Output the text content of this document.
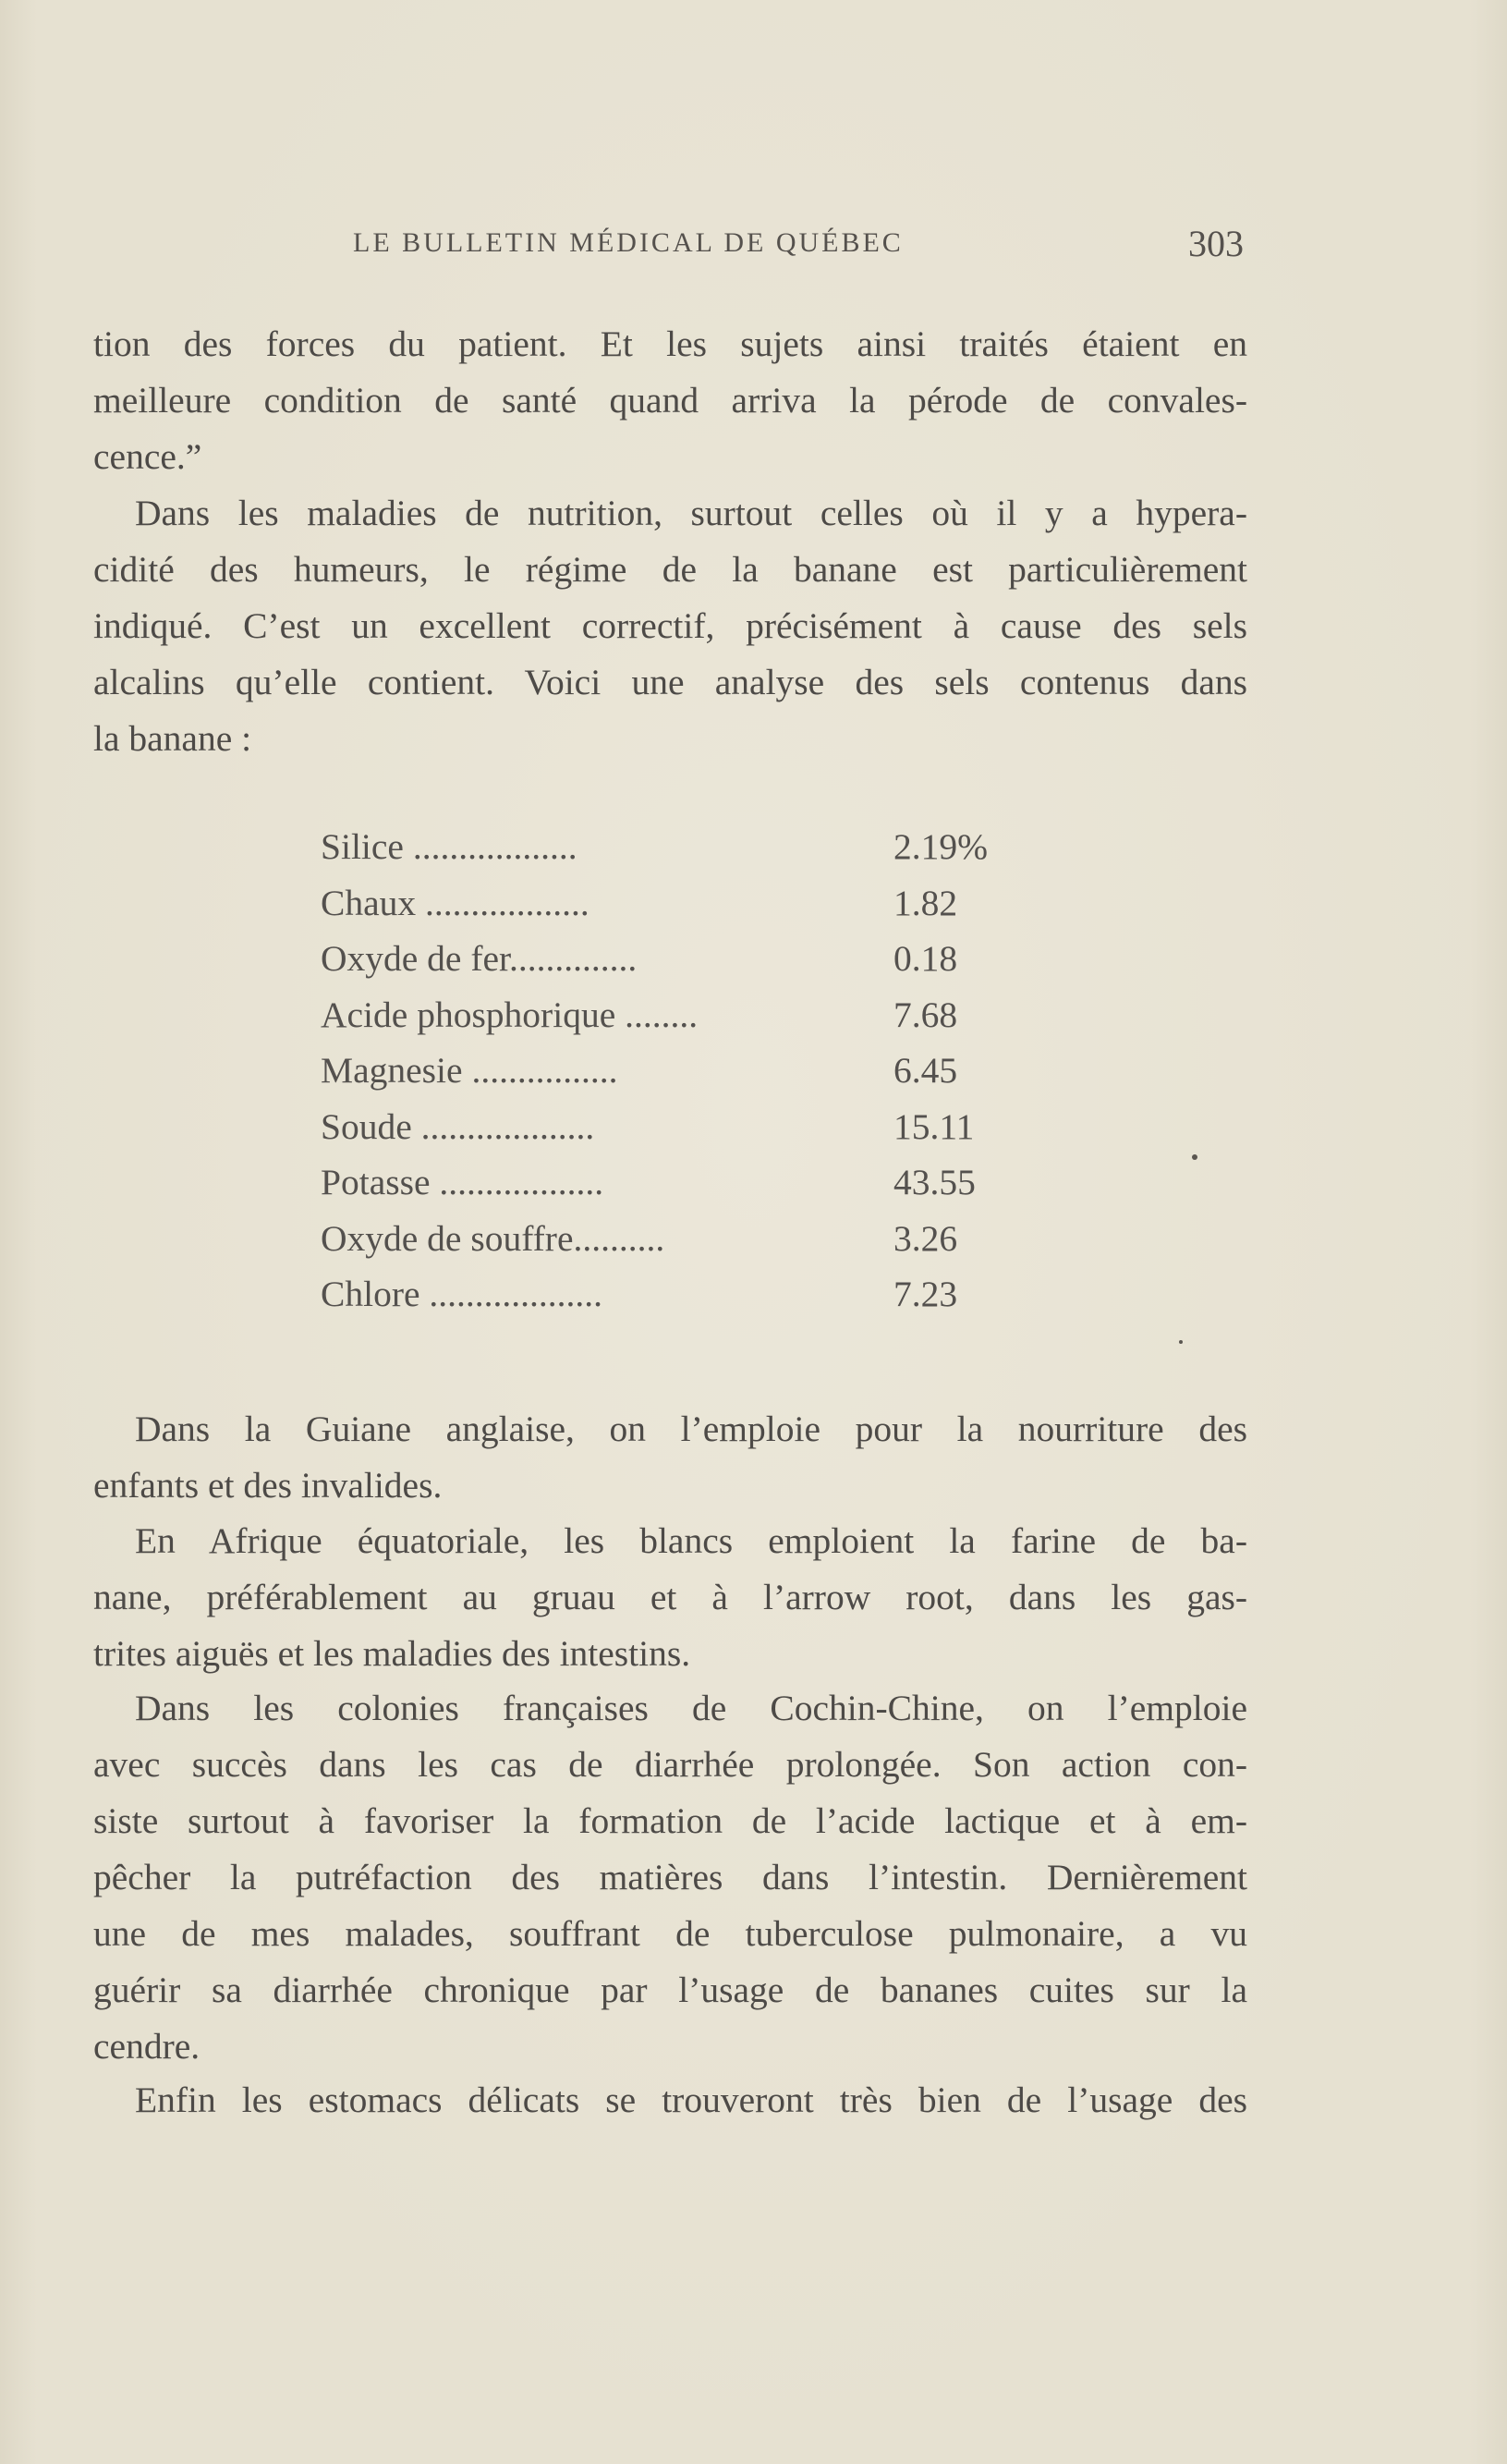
LE BULLETIN MÉDICAL DE QUÉBEC	303
tion des forces du patient. Et les sujets ainsi traités étaient en
meilleure condition de santé quand arriva la pérode de convales-
cence.”
Dans les maladies de nutrition, surtout celles où il y a hypera-
cidité des humeurs, le régime de la banane est particulièrement
indiqué. C’est un excellent correctif, précisément à cause des sels
alcalins qu’elle contient. Voici une analyse des sels contenus dans
la banane :
Silice ..................	2.19%
Chaux ..................	1.82
Oxyde de fer..............	0.18
Acide phosphorique ........	7.68
Magnesie ................	6.45
Soude ...................	15.11
Potasse ..................	43.55
Oxyde de souffre..........	3.26
Chlore ...................	7.23
Dans la Guiane anglaise, on l’emploie pour la nourriture des
enfants et des invalides.
En Afrique équatoriale, les blancs emploient la farine de ba-
nane, préférablement au gruau et à l’arrow root, dans les gas-
trites aiguës et les maladies des intestins.
Dans les colonies françaises de Cochin-Chine, on l’emploie
avec succès dans les cas de diarrhée prolongée. Son action con-
siste surtout à favoriser la formation de l’acide lactique et à em-
pêcher la putréfaction des matières dans l’intestin. Dernièrement
une de mes malades, souffrant de tuberculose pulmonaire, a vu
guérir sa diarrhée chronique par l’usage de bananes cuites sur la
cendre.
Enfin les estomacs délicats se trouveront très bien de l’usage des
